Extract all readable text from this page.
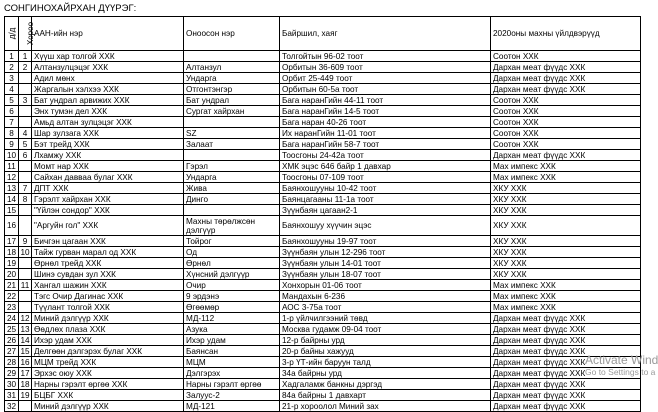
СОНГИНОХАЙРХАН ДҮҮРЭГ:
д/д	Хороо	ААН-ийн нэр	Оноосон нэр	Байршил, хаяг	2020оны махны үйлдвэрүүд
1	1	Хүүш хар толгой ХХК		Толгойтын 96-02 тоот	Соотон ХХК
2	2	Алтанзулцэцэг ХХК	Алтанзул	Орбитын 36-609 тоот	Дархан меат фүүдс ХХК
3		Адил мөнх	Ундарга	Орбит 25-449 тоот	Дархан меат фүүдс ХХК
4		Жаргалын хэлхээ ХХК	Отгонтэнгэр	Орбитын 60-5а тоот	Дархан меат фүүдс ХХК
5	3	Бат ундрал арвижих ХХК	Бат ундрал	Бага наранГийн 44-11 тоот	Соотон ХХК
6		Энх тумэн дел ХХК	Сургат хайрхан	Бага наранГийн 14-5 тоот	Соотон ХХК
7		Амьд алтан зулцэцэг ХХК		Бага наран 40-26 тоот	Соотон ХХК
8	4	Шар зулзага ХХК	SZ	Их наранГийн 11-01 тоот	Соотон ХХК
9	5	Бэт трейд ХХК	Залаат	Бага наранГийн 58-7 тоот	Соотон ХХК
10	6	Лхамжу ХХК		Тоосгоны 24-42а тоот	Дархан меат фүүдс ХХК
11		Момт нар ХХК	Гэрэл	ХМК эцэс 646 байр 1 давхар	Мах импекс ХХК
12		Сайхан давваа булаг ХХК	Ундарга	Тоосгоны 07-109 тоот	Мах импекс ХХК
13	7	ДПТ ХХК	Жива	Баянхошууны 10-42 тоот	ХКУ ХХК
14	8	Гэрэлт хайрхан ХХК	Динго	Баянцагааны 11-1а тоот	ХКУ ХХК
15		"Үйлэн сондор" ХХК		Зүүнбаян цагаан2-1	ХКУ ХХК
16		"Аргуйн гол" ХХК	Махны төрөлжсөн дэлгүүр	Баянхошуу хүүчин эцэс	ХКУ ХХК
17	9	Бичгэн цагаан ХХК	Тойрог	Баянхошууны 19-97 тоот	ХКУ ХХК
18	10	Тайж гурван марал од ХХК	Од	Зүүнбаян улын 12-296 тоот	ХКУ ХХК
19		Өрнөл трейд ХХК	Өрнөл	Зүүнбаян улын 14-01 тоот	ХКУ ХХК
20		Шинэ сувдан зул ХХК	Хүнсний дэлгүүр	Зүүнбаян улын 18-07 тоот	ХКУ ХХК
21	11	Хангал шажин ХХК	Очир	Хонхорын 01-06 тоот	Мах импекс ХХК
22		Тэгс Очир Дагинас ХХК	9 эрдэнэ	Мандахын 6-236	Мах импекс ХХК
23		Түүлант толгой ХХК	Өгөөмөр	АОС 3-75а тоот	Мах импекс ХХК
24	12	Миний дэлгүүр ХХК	МД-112	1-р үйлчилгээний төвд	Дархан меат фүүдс ХХК
25	13	Өөдлөх плаза ХХК	Азука	Москва гудамж 09-04 тоот	Дархан меат фүүдс ХХК
26	14	Ихэр удам ХХК	Ихэр удам	12-р байрны урд	Дархан меат фүүдс ХХК
27	15	Делгөөн дэлгэрэх булаг ХХК	Баянсан	20-р байны хажууд	Дархан меат фүүдс ХХК
28	16	МЦМ трейд ХХК	МЦМ	3-р ҮТ-ийн баруун талд	Дархан меат фүүдс ХХК
29	17	Эрхэс оюу ХХК	Дэлгэрэх	34а байрны урд	Дархан меат фүүдс ХХК
30	18	Нарны гэрэлт өргөө ХХК	Нарны гэрэлт өргөө	Хадгаламж банкны дэргэд	Дархан меат фүүдс ХХК
31	19	БЦБГ ХХК	Залуус-2	84а байрны 1 давхарт	Дархан меат фүүдс ХХК
32		Миний дэлгүүр ХХК	МД-121	21-р хороолол Миний зах	Дархан меат фүүдс ХХК
Activate Wind
Go to Settings to a
